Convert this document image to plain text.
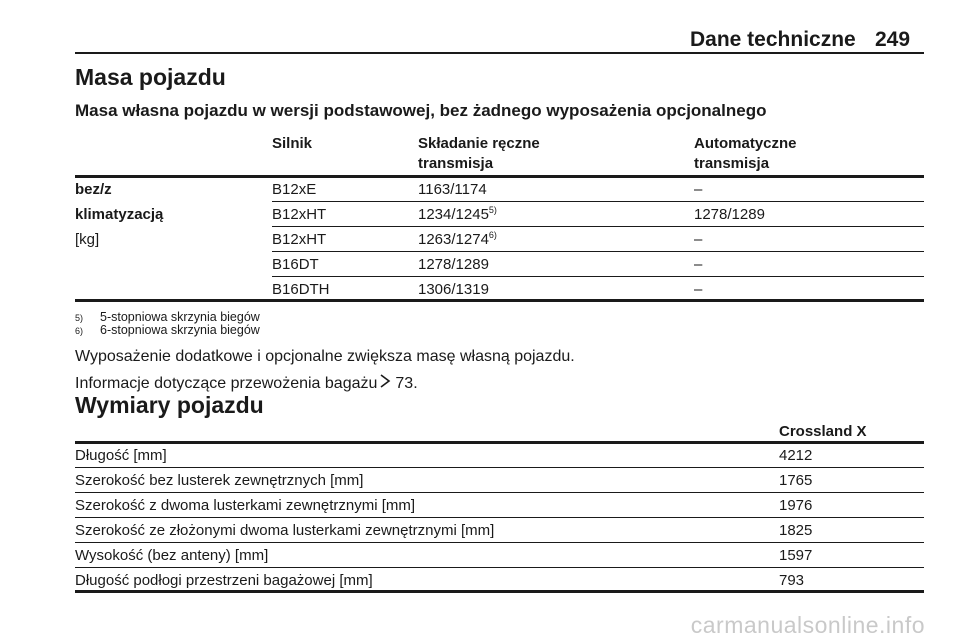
Dane techniczne 249
Masa pojazdu
Masa własna pojazdu w wersji podstawowej, bez żadnego wyposażenia opcjonalnego
Silnik	Składanie ręczne
transmisja
Automatyczne
transmisja
bez/z
klimatyzacją
[kg]
B12xE	1163/1174	–
B12xHT	1234/1245$^{5)}$	1278/1289
B12xHT	1263/1274$^{6)}$	–
B16DT	1278/1289	–
B16DTH	1306/1319	–
5) 5-stopniowa skrzynia biegów
6) 6-stopniowa skrzynia biegów
Wyposażenie dodatkowe i opcjonalne zwiększa masę własną pojazdu.
Informacje dotyczące przewożenia bagażu 73.
Wymiary pojazdu
Crossland X
Długość [mm]	4212
Szerokość bez lusterek zewnętrznych [mm]	1765
Szerokość z dwoma lusterkami zewnętrznymi [mm]	1976
Szerokość ze złożonymi dwoma lusterkami zewnętrznymi [mm]	1825
Wysokość (bez anteny) [mm]	1597
Długość podłogi przestrzeni bagażowej [mm]	793
carmanualsonline.info
